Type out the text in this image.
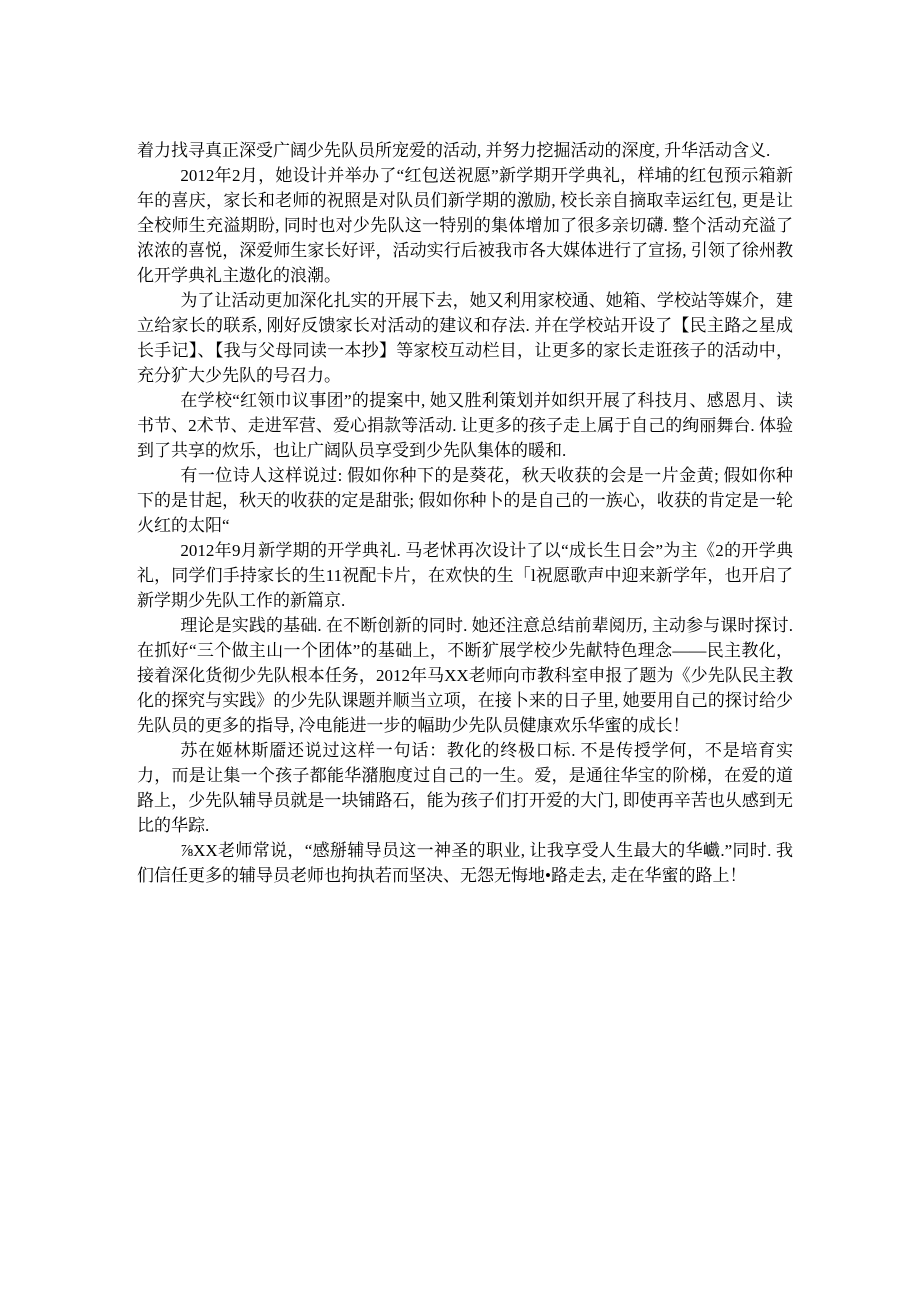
着力找寻真正深受广阔少先队员所宠爱的活动, 并努力挖掘活动的深度, 升华活动含义.

2012年2月，她设计并举办了“红包送祝愿”新学期开学典礼，样埔的红包预示箱新年的喜庆，家长和老师的祝照是对队员们新学期的激励, 校长亲自摘取幸运红包, 更是让全校师生充溢期盼, 同时也对少先队这一特别的集体增加了很多亲切礴. 整个活动充溢了浓浓的喜悦，深爱师生家长好评，活动实行后被我市各大媒体进行了宣扬, 引领了徐州教化开学典礼主遨化的浪潮。

为了让活动更加深化扎实的开展下去，她又利用家校通、她箱、学校站等媒介，建立给家长的联系, 刚好反馈家长对活动的建议和存法. 并在学校站开设了【民主路之星成长手记】、【我与父母同读一本抄】等家校互动栏目，让更多的家长走诳孩子的活动中，充分犷大少先队的号召力。

在学校“红领巾议事团”的提案中, 她又胜利策划并如织开展了科技月、感恩月、读书节、2术节、走进军营、爱心捐款等活动. 让更多的孩子走上属于自己的绚丽舞台. 体验到了共享的炊乐，也让广阔队员享受到少先队集体的暖和.

有一位诗人这样说过: 假如你种下的是葵花，秋天收获的会是一片金黄; 假如你种下的是甘起，秋天的收获的定是甜张; 假如你种卜的是自己的一族心，收获的肯定是一轮火红的太阳“

2012年9月新学期的开学典礼. 马老怵再次设计了以“成长生日会”为主《2的开学典礼，同学们手持家长的生11祝配卡片，在欢快的生「l祝愿歌声中迎来新学年，也开启了新学期少先队工作的新篇京.

理论是实践的基础. 在不断创新的同时. 她还注意总结前辈阅历, 主动参与课时探讨. 在抓好“三个做主山一个团体”的基础上，不断犷展学校少先献特色理念——民主教化，接着深化货彻少先队根本任务，2012年马XX老师向市教科室申报了题为《少先队民主教化的探究与实践》的少先队课题并顺当立项，在接卜来的日子里, 她要用自己的探讨给少先队员的更多的指导, 冷电能进一步的幅助少先队员健康欢乐华蜜的成长！

苏在姬林斯靥还说过这样一句话：教化的终极口标. 不是传授学何，不是培育实力，而是让集一个孩子都能华潴胞度过自己的一生。爱，是通往华宝的阶梯，在爱的道路上，少先队辅导员就是一块铺路石，能为孩子们打开爱的大门, 即使再辛苦也乆感到无比的华踪.

⅞XX老师常说，“感掰辅导员这一神圣的职业, 让我享受人生最大的华巇.”同时. 我们信任更多的辅导员老师也拘执若而坚决、无怨无悔地•路走去, 走在华蜜的路上！
